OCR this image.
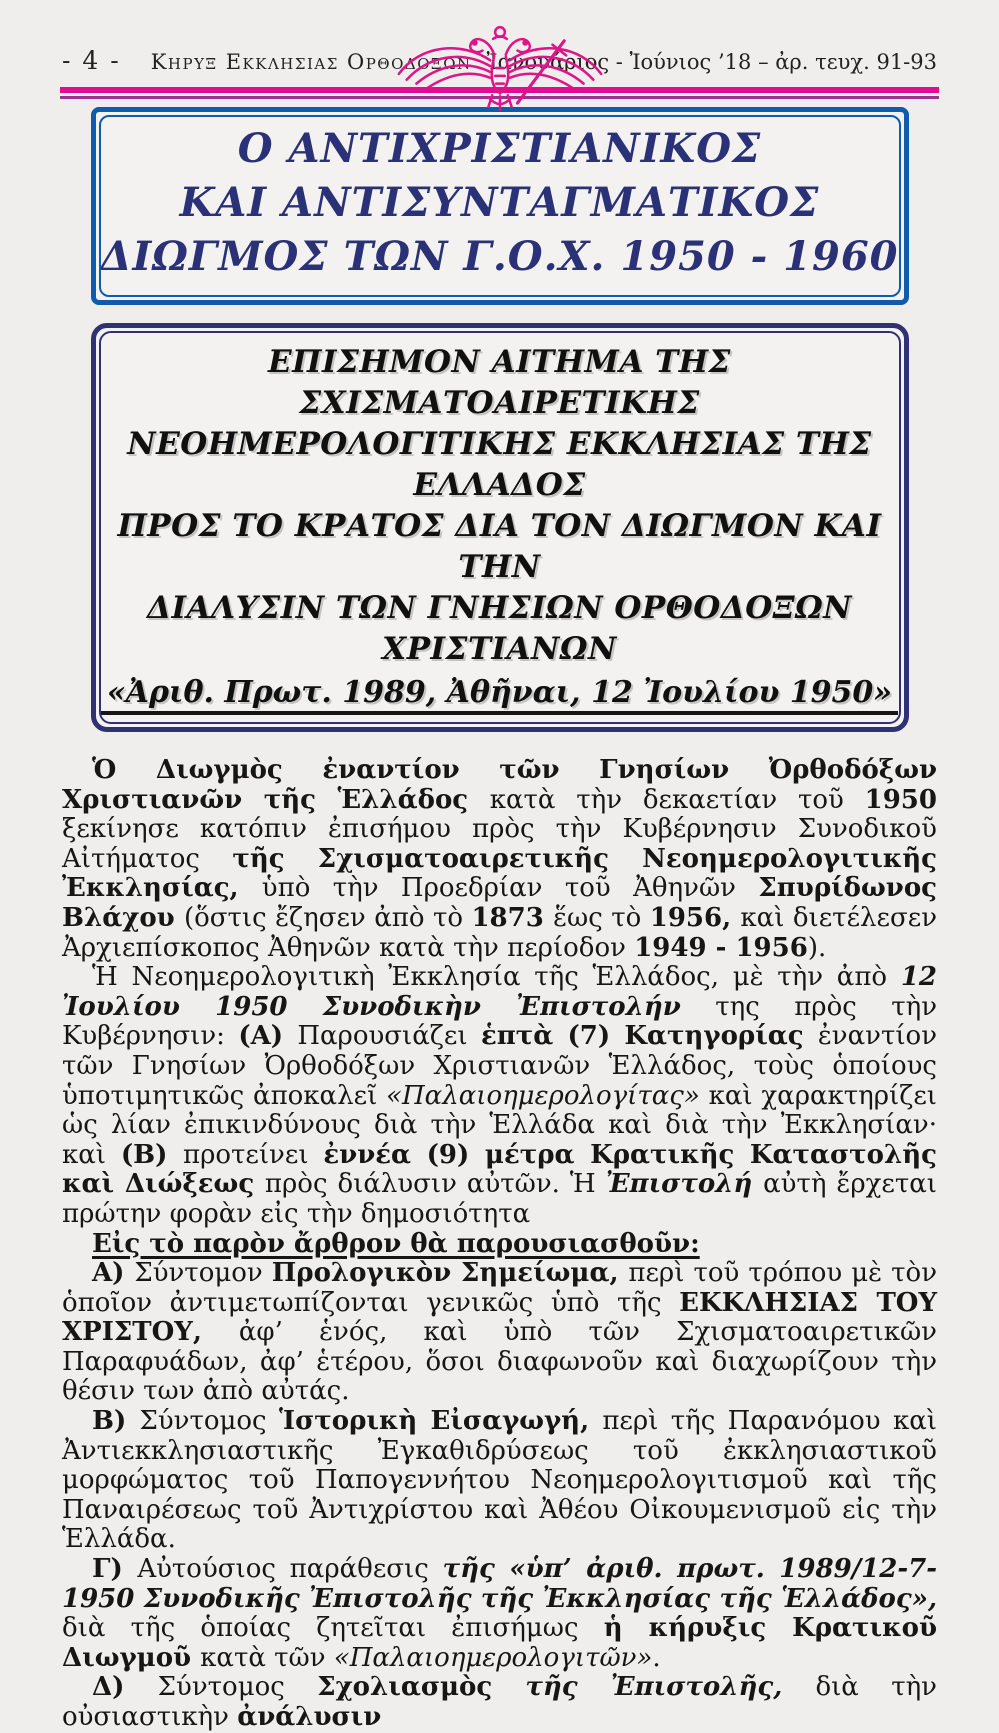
- 4 - Κηρυξ Εκκλησιας Ορθοδοξων Ἰανουάριος - Ἰούνιος ’18 – ἀρ. τευχ. 91-93
Ο ΑΝΤΙΧΡΙΣΤΙΑΝΙΚΟΣ
ΚΑΙ ΑΝΤΙΣΥΝΤΑΓΜΑΤΙΚΟΣ
ΔΙΩΓΜΟΣ ΤΩΝ Γ.Ο.Χ. 1950 - 1960
ΕΠΙΣΗΜΟΝ ΑΙΤΗΜΑ ΤΗΣ ΣΧΙΣΜΑΤΟΑΙΡΕΤΙΚΗΣ
ΝΕΟΗΜΕΡΟΛΟΓΙΤΙΚΗΣ ΕΚΚΛΗΣΙΑΣ ΤΗΣ ΕΛΛΑΔΟΣ
ΠΡΟΣ ΤΟ ΚΡΑΤΟΣ ΔΙΑ ΤΟΝ ΔΙΩΓΜΟΝ ΚΑΙ ΤΗΝ
ΔΙΑΛΥΣΙΝ ΤΩΝ ΓΝΗΣΙΩΝ ΟΡΘΟΔΟΞΩΝ ΧΡΙΣΤΙΑΝΩΝ
«Ἀριθ. Πρωτ. 1989, Ἀθῆναι, 12 Ἰουλίου 1950»

Ὁ Διωγμὸς ἐναντίον τῶν Γνησίων Ὀρθοδόξων Χριστιανῶν τῆς Ἑλλάδος κατὰ τὴν δεκαετίαν τοῦ 1950 ξεκίνησε κατόπιν ἐπισήμου πρὸς τὴν Κυβέρνησιν Συνοδικοῦ Αἰτήματος τῆς Σχισματοαιρετικῆς Νεοημερολογιτικῆς Ἐκκλησίας, ὑπὸ τὴν Προεδρίαν τοῦ Ἀθηνῶν Σπυρίδωνος Βλάχου (ὅστις ἔζησεν ἀπὸ τὸ 1873 ἕως τὸ 1956, καὶ διετέλεσεν Ἀρχιεπίσκοπος Ἀθηνῶν κατὰ τὴν περίοδον 1949 - 1956).

Ἡ Νεοημερολογιτικὴ Ἐκκλησία τῆς Ἑλλάδος, μὲ τὴν ἀπὸ 12 Ἰουλίου 1950 Συνοδικὴν Ἐπιστολήν της πρὸς τὴν Κυβέρνησιν: (Α) Παρουσιάζει ἑπτὰ (7) Κατηγορίας ἐναντίον τῶν Γνησίων Ὀρθοδόξων Χριστιανῶν Ἑλλάδος, τοὺς ὁποίους ὑποτιμητικῶς ἀποκαλεῖ «Παλαιοημερολογίτας» καὶ χαρακτηρίζει ὡς λίαν ἐπικινδύνους διὰ τὴν Ἑλλάδα καὶ διὰ τὴν Ἐκκλησίαν· καὶ (Β) προτείνει ἐννέα (9) μέτρα Κρατικῆς Καταστολῆς καὶ Διώξεως πρὸς διάλυσιν αὐτῶν. Ἡ Ἐπιστολή αὐτὴ ἔρχεται πρώτην φορὰν εἰς τὴν δημοσιότητα

Εἰς τὸ παρὸν ἄρθρον θὰ παρουσιασθοῦν:

Α) Σύντομον Προλογικὸν Σημείωμα, περὶ τοῦ τρόπου μὲ τὸν ὁποῖον ἀντιμετωπίζονται γενικῶς ὑπὸ τῆς ΕΚΚΛΗΣΙΑΣ ΤΟΥ ΧΡΙΣΤΟΥ, ἀφ’ ἑνός, καὶ ὑπὸ τῶν Σχισματοαιρετικῶν Παραφυάδων, ἀφ’ ἑτέρου, ὅσοι διαφωνοῦν καὶ διαχωρίζουν τὴν θέσιν των ἀπὸ αὐτάς.

Β) Σύντομος Ἱστορικὴ Εἰσαγωγή, περὶ τῆς Παρανόμου καὶ Ἀντιεκκλησιαστικῆς Ἐγκαθιδρύσεως τοῦ ἐκκλησιαστικοῦ μορφώματος τοῦ Παπογεννήτου Νεοημερολογιτισμοῦ καὶ τῆς Παναιρέσεως τοῦ Ἀντιχρίστου καὶ Ἀθέου Οἰκουμενισμοῦ εἰς τὴν Ἑλλάδα.

Γ) Αὐτούσιος παράθεσις τῆς «ὑπ’ ἀριθ. πρωτ. 1989/12-7-1950 Συνοδικῆς Ἐπιστολῆς τῆς Ἐκκλησίας τῆς Ἑλλάδος», διὰ τῆς ὁποίας ζητεῖται ἐπισήμως ἡ κήρυξις Κρατικοῦ Διωγμοῦ κατὰ τῶν «Παλαιοημερολογιτῶν».

Δ) Σύντομος Σχολιασμὸς τῆς Ἐπιστολῆς, διὰ τὴν οὐσιαστικὴν ἀνάλυσιν
